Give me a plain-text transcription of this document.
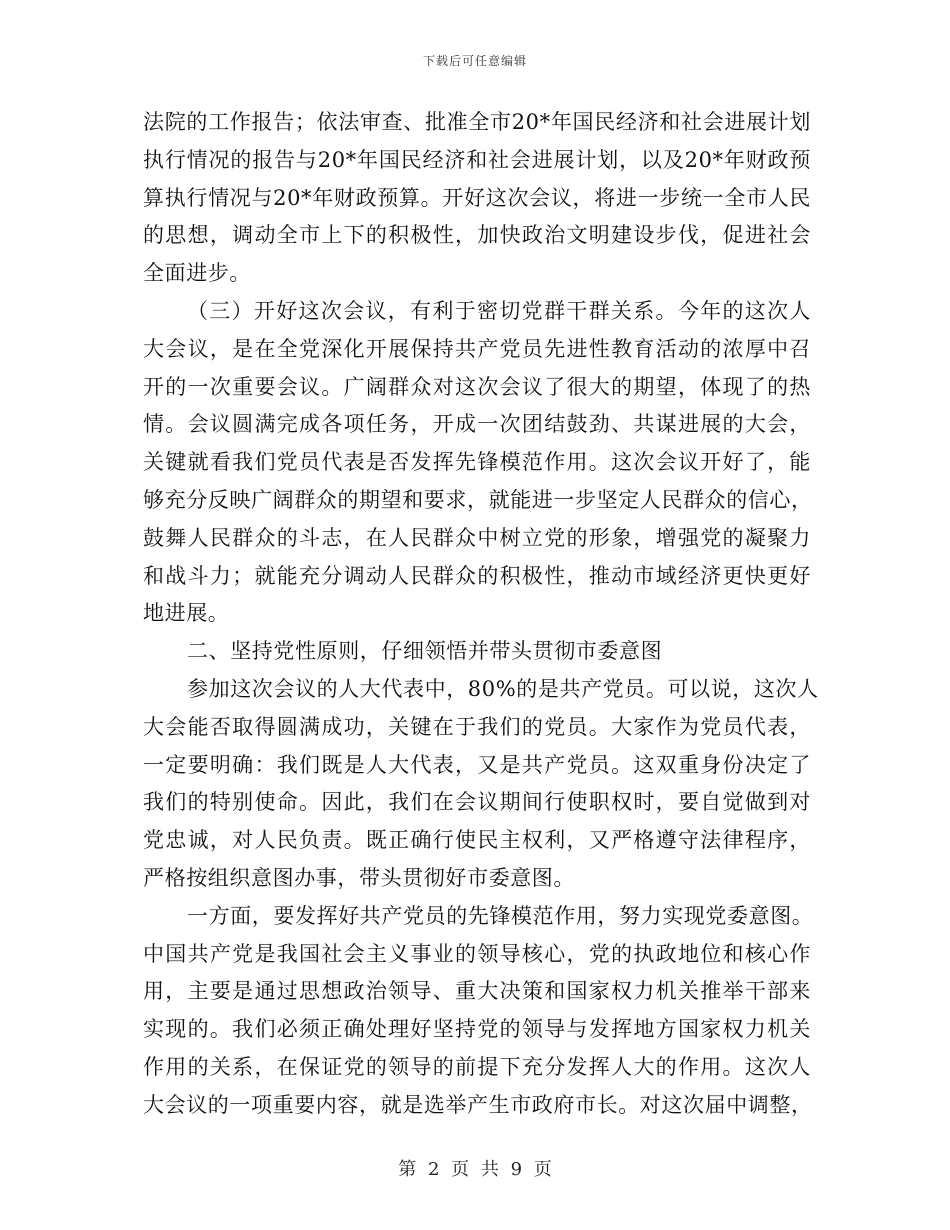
下载后可任意编辑
法院的工作报告；依法审查、批准全市20*年国民经济和社会进展计划
执行情况的报告与20*年国民经济和社会进展计划，以及20*年财政预
算执行情况与20*年财政预算。开好这次会议，将进一步统一全市人民
的思想，调动全市上下的积极性，加快政治文明建设步伐，促进社会
全面进步。
（三）开好这次会议，有利于密切党群干群关系。今年的这次人
大会议，是在全党深化开展保持共产党员先进性教育活动的浓厚中召
开的一次重要会议。广阔群众对这次会议了很大的期望，体现了的热
情。会议圆满完成各项任务，开成一次团结鼓劲、共谋进展的大会，
关键就看我们党员代表是否发挥先锋模范作用。这次会议开好了，能
够充分反映广阔群众的期望和要求，就能进一步坚定人民群众的信心，
鼓舞人民群众的斗志，在人民群众中树立党的形象，增强党的凝聚力
和战斗力；就能充分调动人民群众的积极性，推动市域经济更快更好
地进展。
二、坚持党性原则，仔细领悟并带头贯彻市委意图
参加这次会议的人大代表中，80%的是共产党员。可以说，这次人
大会能否取得圆满成功，关键在于我们的党员。大家作为党员代表，
一定要明确：我们既是人大代表，又是共产党员。这双重身份决定了
我们的特别使命。因此，我们在会议期间行使职权时，要自觉做到对
党忠诚，对人民负责。既正确行使民主权利，又严格遵守法律程序，
严格按组织意图办事，带头贯彻好市委意图。
一方面，要发挥好共产党员的先锋模范作用，努力实现党委意图。
中国共产党是我国社会主义事业的领导核心，党的执政地位和核心作
用，主要是通过思想政治领导、重大决策和国家权力机关推举干部来
实现的。我们必须正确处理好坚持党的领导与发挥地方国家权力机关
作用的关系，在保证党的领导的前提下充分发挥人大的作用。这次人
大会议的一项重要内容，就是选举产生市政府市长。对这次届中调整，
第 2 页 共 9 页
